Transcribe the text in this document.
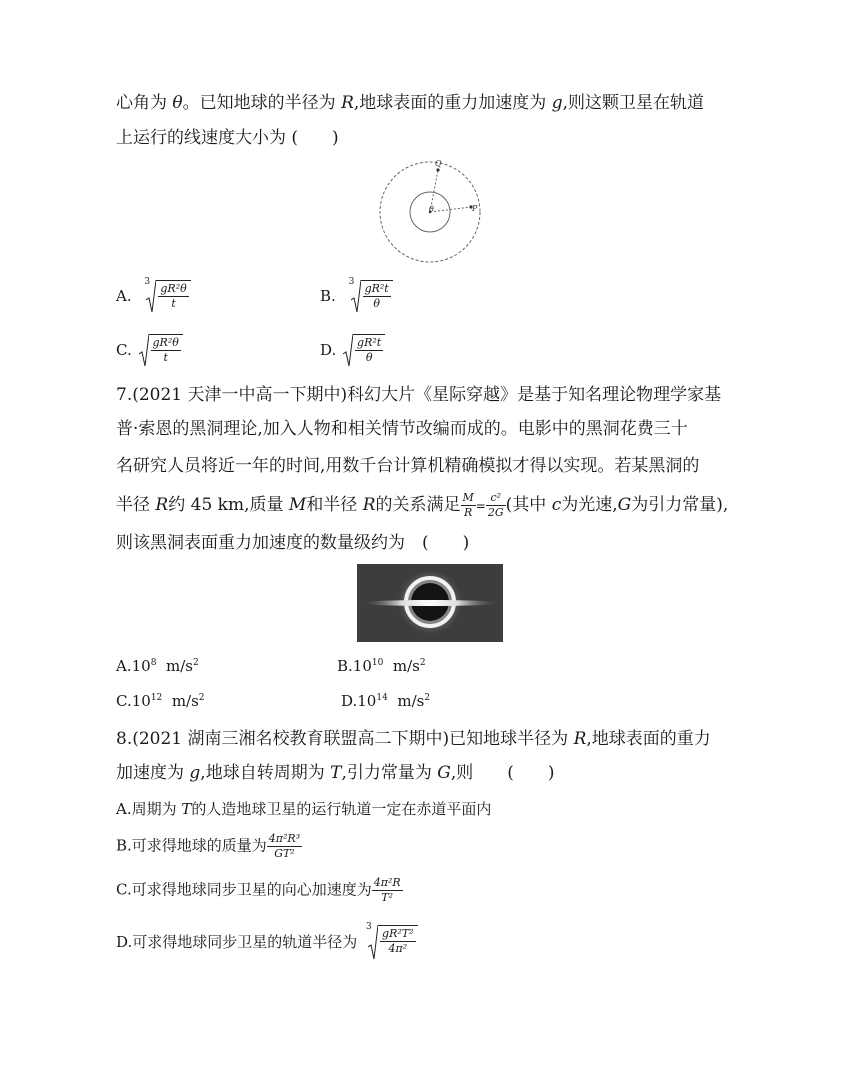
心角为 θ。已知地球的半径为 R,地球表面的重力加速度为 g,则这颗卫星在轨道
上运行的线速度大小为 (　　)
Q
P
θ
A.
$3 \frac{\text{gR²θ}}{t}$	B.
$3 \frac{\text{gR²t}}{\theta}$
C. $\frac{\text{gR²θ}}{t}$	D. $\frac{\text{gR²t}}{\theta}$
7.(2021 天津一中高一下期中)科幻大片《星际穿越》是基于知名理论物理学家基
普·索恩的黑洞理论,加入人物和相关情节改编而成的。电影中的黑洞花费三十
名研究人员将近一年的时间,用数千台计算机精确模拟才得以实现。若某黑洞的
半径 R约 45 km,质量 M和半径 R的关系满足 $\frac{M}{R} = \frac{\text{c²}}{2G}$ (其中 c为光速,G为引力常量),
则该黑洞表面重力加速度的数量级约为　(　　)
$A.10^8$ $m/s^2$	$B.10^{10}$ $m/s^2$
$C.10^{12}$ $m/s^2$	$D.10^{14}$ $m/s^2$
8.(2021 湖南三湘名校教育联盟高二下期中)已知地球半径为 R,地球表面的重力
加速度为 g,地球自转周期为 T,引力常量为 G,则　　(　　)
A.周期为 T的人造地球卫星的运行轨道一定在赤道平面内
B.可求得地球的质量为 $\frac{\text{4π²R³}}{\text{GT²}}$
C.可求得地球同步卫星的向心加速度为 $\frac{\text{4π²R}}{\text{T²}}$
D.可求得地球同步卫星的轨道半径为
$3 \frac{\text{gR²T²}}{\text{4π²}}$
